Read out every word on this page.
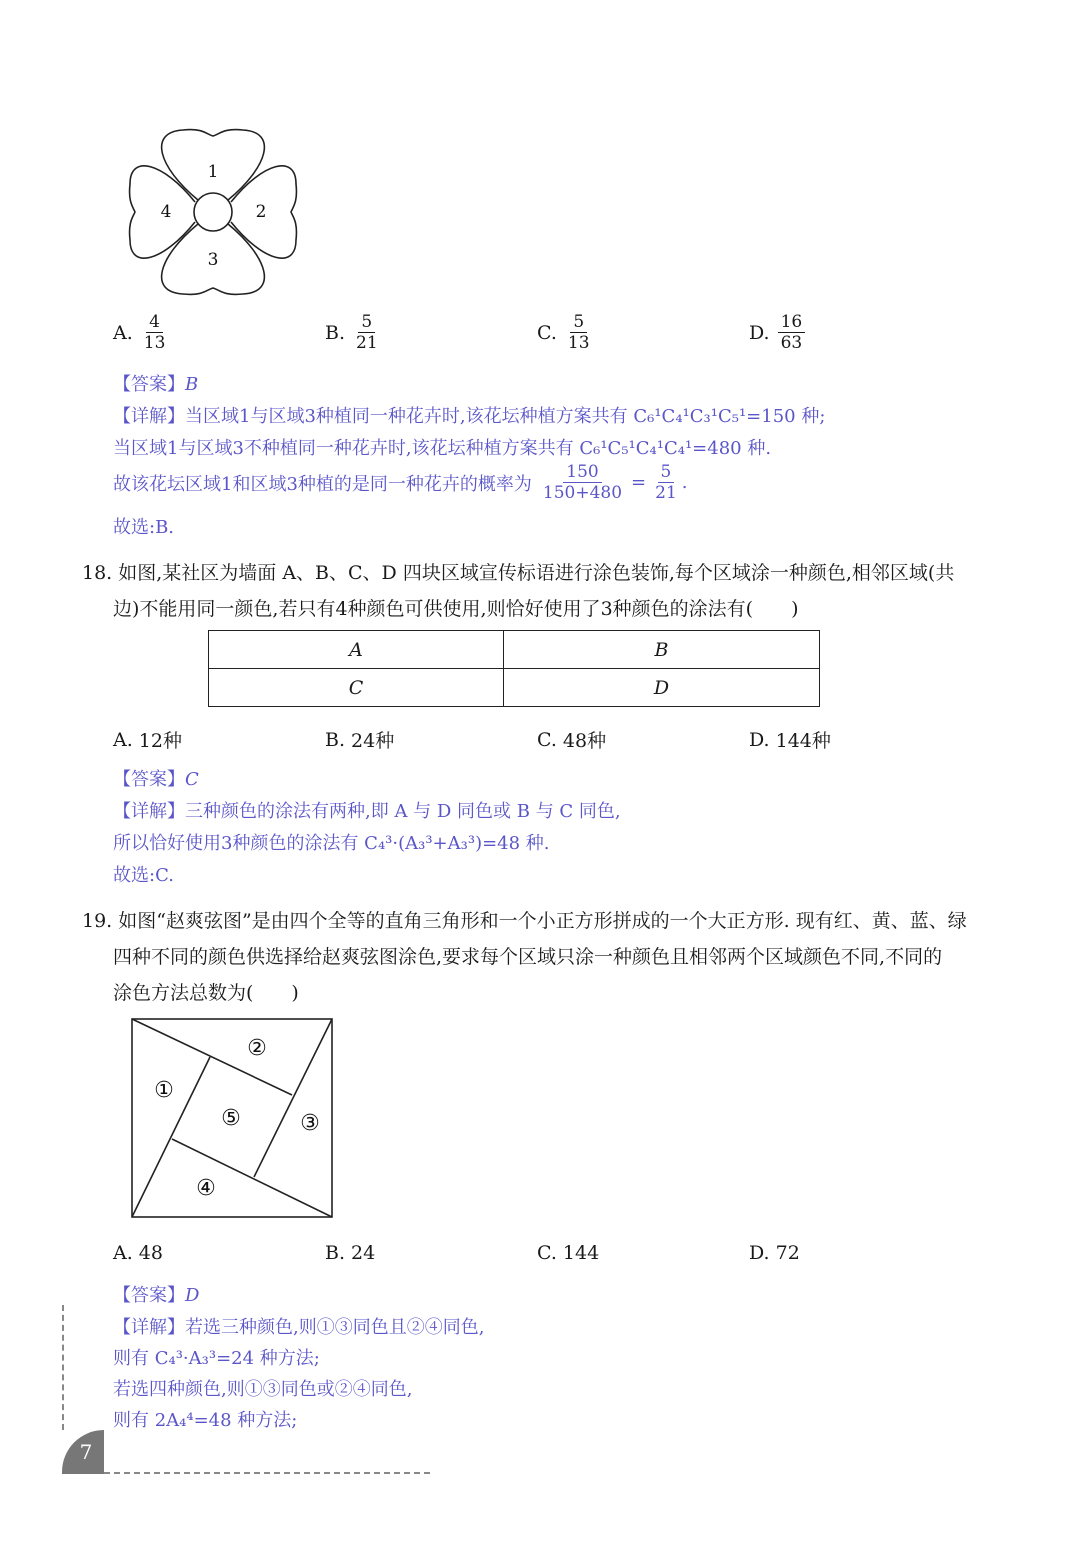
1
2
3
4
A. $\frac{4}{13}$	B. $\frac{5}{21}$	C. $\frac{5}{13}$	D. $\frac{16}{63}$
【答案】B
【详解】当区域1与区域3种植同一种花卉时,该花坛种植方案共有 C₆¹C₄¹C₃¹C₅¹=150 种;
当区域1与区域3不种植同一种花卉时,该花坛种植方案共有 C₆¹C₅¹C₄¹C₄¹=480 种.
故该花坛区域1和区域3种植的是同一种花卉的概率为 $\frac{150}{150+480} = \frac{5}{21}$ .
故选:B.
18. 如图,某社区为墙面 A、B、C、D 四块区域宣传标语进行涂色装饰,每个区域涂一种颜色,相邻区域(共
边)不能用同一颜色,若只有4种颜色可供使用,则恰好使用了3种颜色的涂法有(　　)
A	B
C	D
A. 12种	B. 24种	C. 48种	D. 144种
【答案】C
【详解】三种颜色的涂法有两种,即 A 与 D 同色或 B 与 C 同色,
所以恰好使用3种颜色的涂法有 C₄³·(A₃³+A₃³)=48 种.
故选:C.
19. 如图“赵爽弦图”是由四个全等的直角三角形和一个小正方形拼成的一个大正方形. 现有红、黄、蓝、绿
四种不同的颜色供选择给赵爽弦图涂色,要求每个区域只涂一种颜色且相邻两个区域颜色不同,不同的
涂色方法总数为(　　)
①
②
③
④
⑤
A. 48	B. 24	C. 144	D. 72
【答案】D
【详解】若选三种颜色,则①③同色且②④同色,
则有 C₄³·A₃³=24 种方法;
若选四种颜色,则①③同色或②④同色,
则有 2A₄⁴=48 种方法;
7
